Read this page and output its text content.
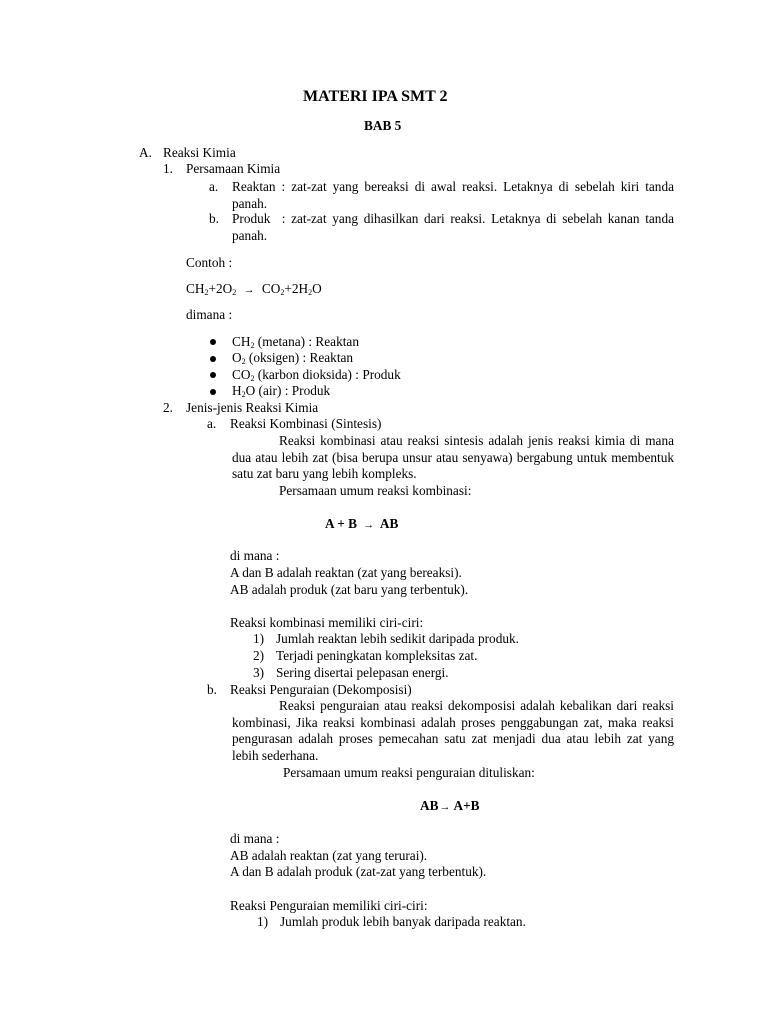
MATERI IPA SMT 2
BAB 5
A. Reaksi Kimia
1. Persamaan Kimia
a. Reaktan : zat-zat yang bereaksi di awal reaksi. Letaknya di sebelah kiri tanda panah.
b. Produk  : zat-zat yang dihasilkan dari reaksi. Letaknya di sebelah kanan tanda panah.
Contoh :
$CH_2+2O_2 \to CO_2+2H_2O$
dimana :
$CH_2$ (metana) : Reaktan
$O_2$ (oksigen) : Reaktan
$CO_2$ (karbon dioksida) : Produk
$H_2O$ (air) : Produk
2. Jenis-jenis Reaksi Kimia
a. Reaksi Kombinasi (Sintesis)
Reaksi kombinasi atau reaksi sintesis adalah jenis reaksi kimia di mana dua atau lebih zat (bisa berupa unsur atau senyawa) bergabung untuk membentuk satu zat baru yang lebih kompleks.
Persamaan umum reaksi kombinasi:
A + B → AB
di mana :
A dan B adalah reaktan (zat yang bereaksi).
AB adalah produk (zat baru yang terbentuk).
Reaksi kombinasi memiliki ciri-ciri:
1) Jumlah reaktan lebih sedikit daripada produk.
2) Terjadi peningkatan kompleksitas zat.
3) Sering disertai pelepasan energi.
b. Reaksi Penguraian (Dekomposisi)
Reaksi penguraian atau reaksi dekomposisi adalah kebalikan dari reaksi kombinasi, Jika reaksi kombinasi adalah proses penggabungan zat, maka reaksi pengurasan adalah proses pemecahan satu zat menjadi dua atau lebih zat yang lebih sederhana.
Persamaan umum reaksi penguraian dituliskan:
AB→ A+B
di mana :
AB adalah reaktan (zat yang terurai).
A dan B adalah produk (zat-zat yang terbentuk).
Reaksi Penguraian memiliki ciri-ciri:
1) Jumlah produk lebih banyak daripada reaktan.
